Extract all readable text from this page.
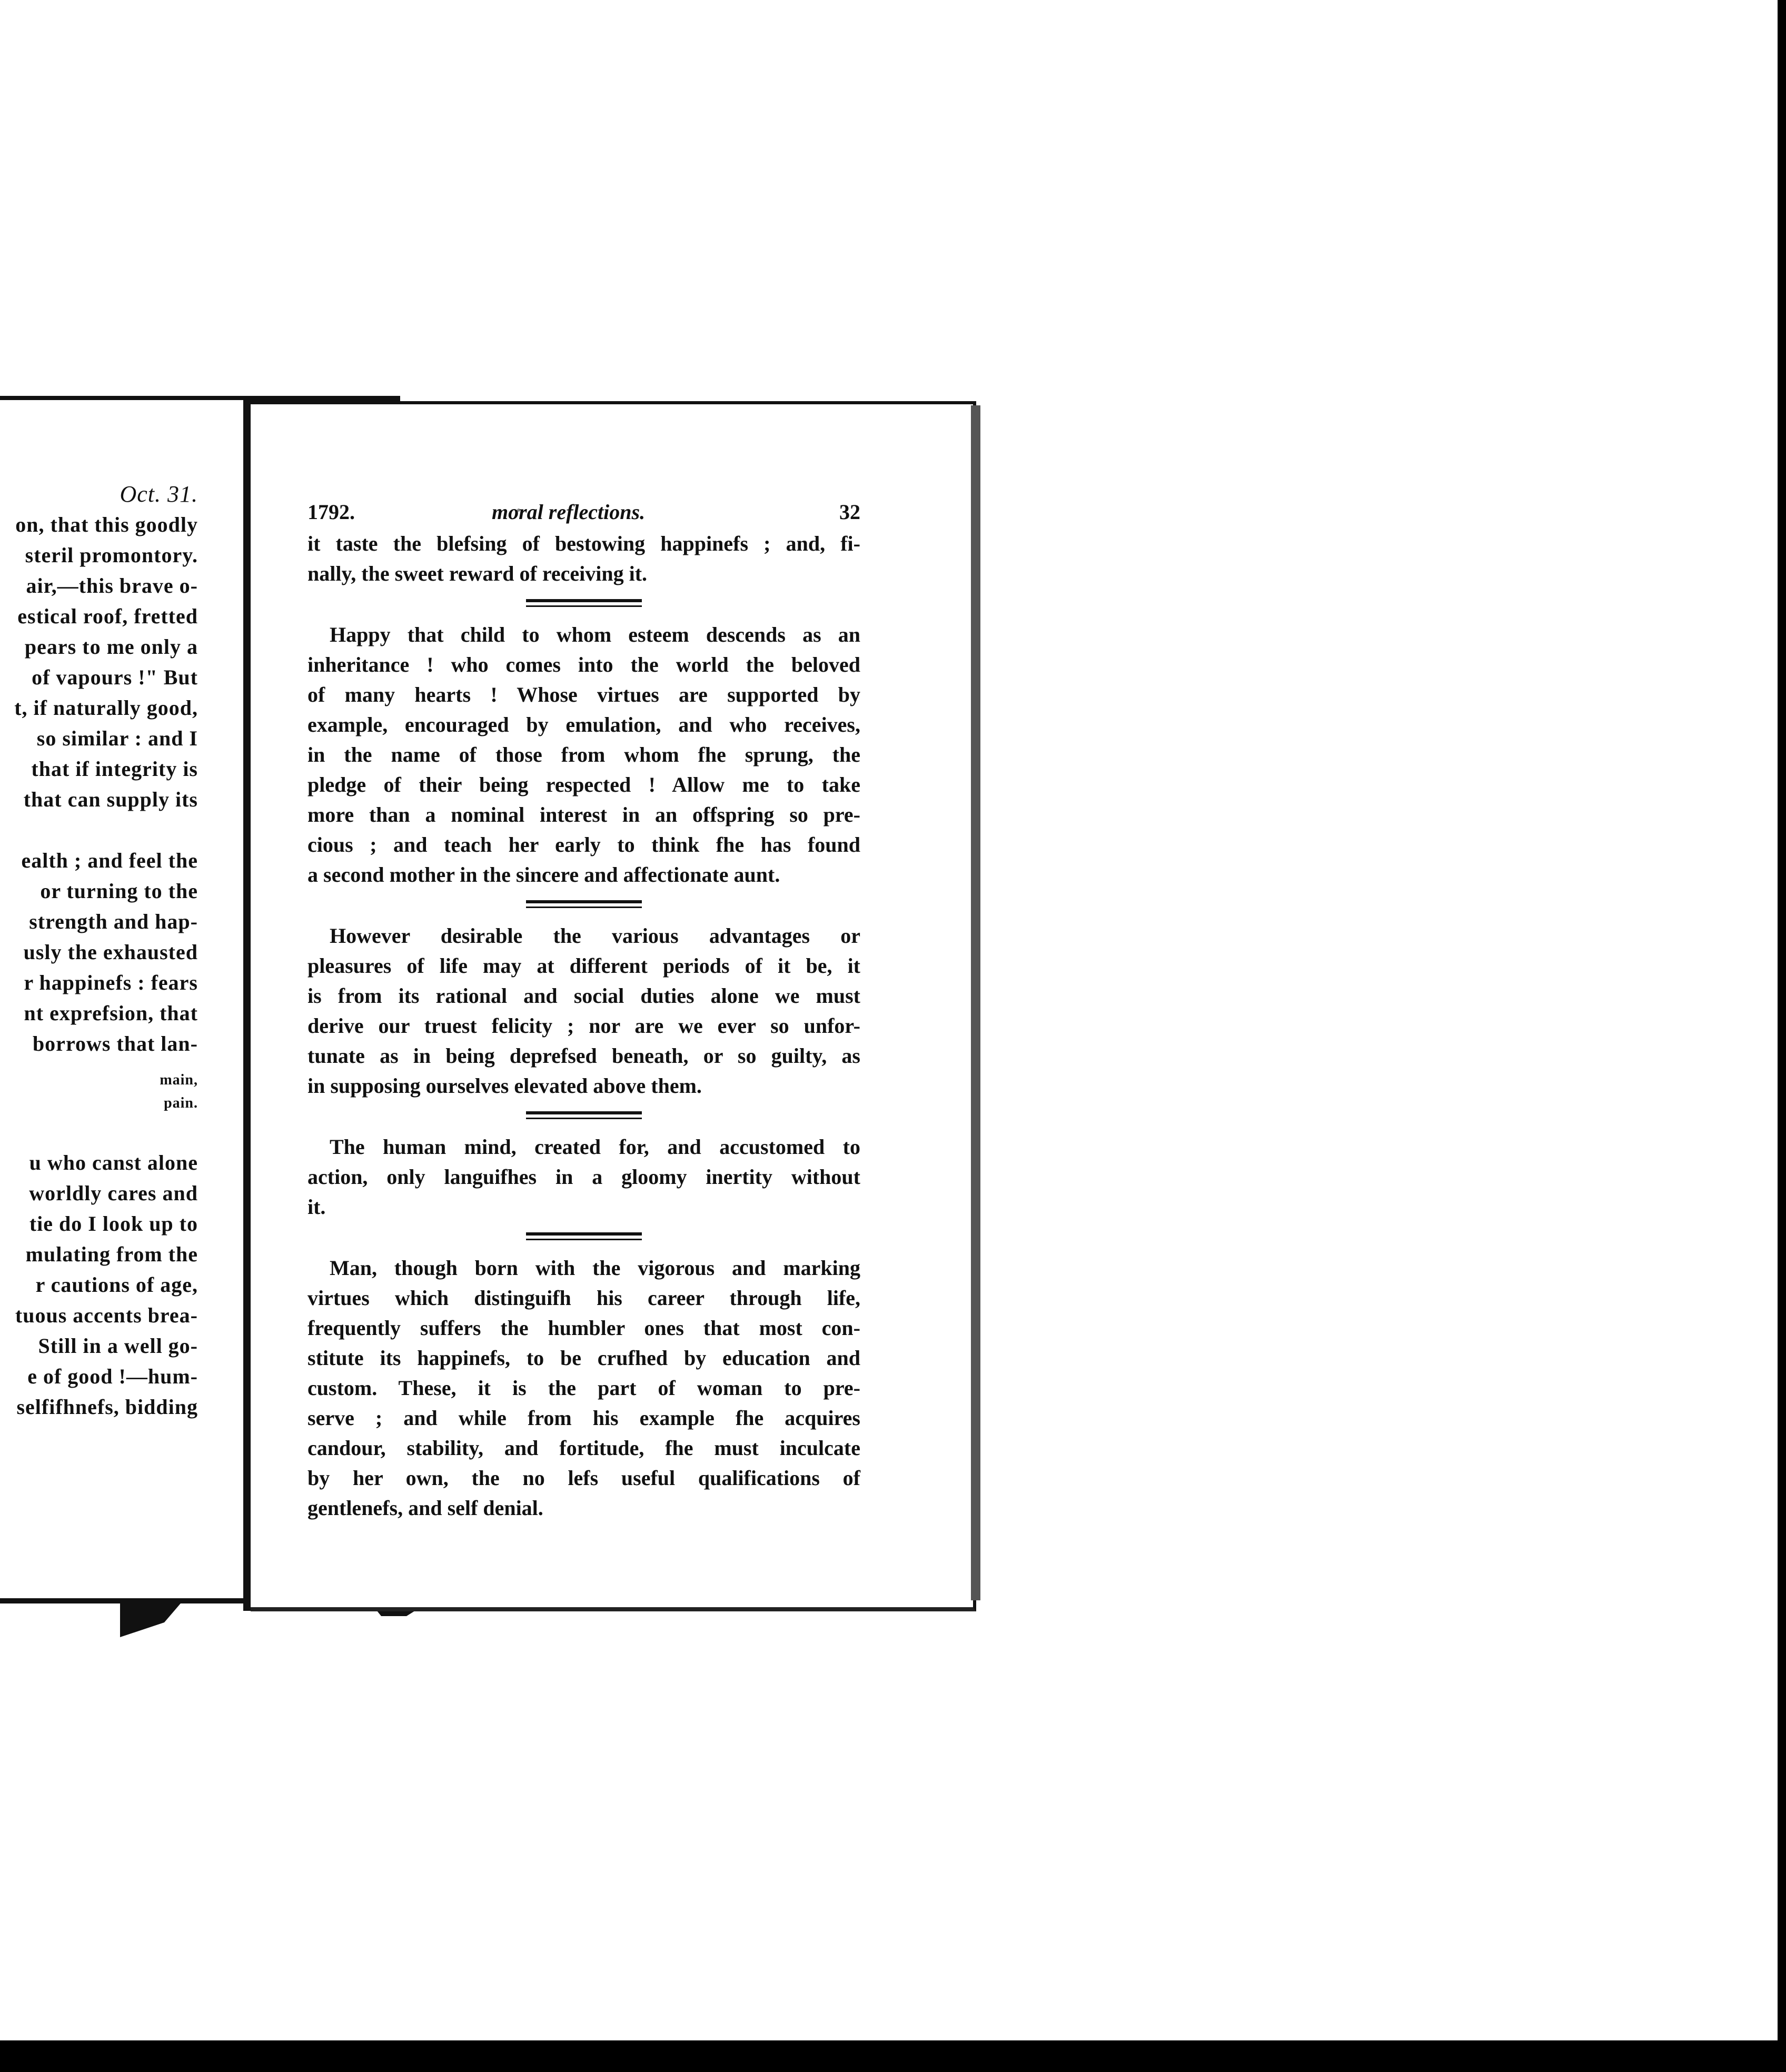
Oct. 31.
on, that this goodly
steril promontory.
air,—this brave o-
estical roof, fretted
pears to me only a
of vapours !" But
t, if naturally good,
so similar : and I
that if integrity is
that can supply its

ealth ; and feel the
or turning to the
strength and hap-
usly the exhausted
r happinefs : fears
nt exprefsion, that
borrows that lan-
main,
pain.
u who canst alone
worldly cares and
tie do I look up to
mulating from the
r cautions of age,
tuous accents brea-
Still in a well go-
e of good !—hum-
selfifhnefs, bidding
1792.	moral reflections.	32
it taste the blefsing of bestowing happinefs ; and, fi-
nally, the sweet reward of receiving it.
Happy that child to whom esteem descends as an
inheritance ! who comes into the world the beloved
of many hearts ! Whose virtues are supported by
example, encouraged by emulation, and who receives,
in the name of those from whom fhe sprung, the
pledge of their being respected ! Allow me to take
more than a nominal interest in an offspring so pre-
cious ; and teach her early to think fhe has found
a second mother in the sincere and affectionate aunt.
However desirable the various advantages or
pleasures of life may at different periods of it be, it
is from its rational and social duties alone we must
derive our truest felicity ; nor are we ever so unfor-
tunate as in being deprefsed beneath, or so guilty, as
in supposing ourselves elevated above them.
The human mind, created for, and accustomed to
action, only languifhes in a gloomy inertity without
it.
Man, though born with the vigorous and marking
virtues which distinguifh his career through life,
frequently suffers the humbler ones that most con-
stitute its happinefs, to be crufhed by education and
custom. These, it is the part of woman to pre-
serve ; and while from his example fhe acquires
candour, stability, and fortitude, fhe must inculcate
by her own, the no lefs useful qualifications of
gentlenefs, and self denial.
